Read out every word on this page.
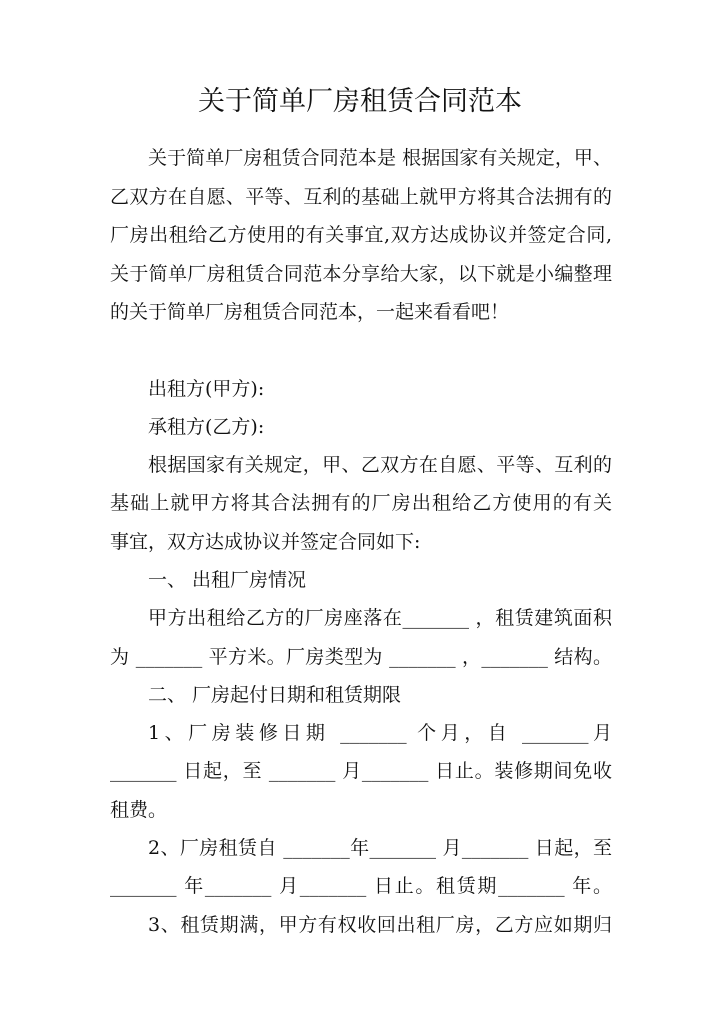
关于简单厂房租赁合同范本
关于简单厂房租赁合同范本是 根据国家有关规定，甲、
乙双方在自愿、平等、互利的基础上就甲方将其合法拥有的
厂房出租给乙方使用的有关事宜,双方达成协议并签定合同,
关于简单厂房租赁合同范本分享给大家，以下就是小编整理
的关于简单厂房租赁合同范本，一起来看看吧！
出租方(甲方):
承租方(乙方):
根据国家有关规定，甲、乙双方在自愿、平等、互利的
基础上就甲方将其合法拥有的厂房出租给乙方使用的有关
事宜，双方达成协议并签定合同如下:
一、 出租厂房情况
甲方出租给乙方的厂房座落在_______ ，租赁建筑面积
为 _______ 平方米。厂房类型为 _______ ，_______ 结构。
二、 厂房起付日期和租赁期限
1、厂房装修日期 _______ 个月，自 _______月
_______ 日起，至 _______ 月_______ 日止。装修期间免收
租费。
2、厂房租赁自 _______年_______ 月_______ 日起，至
_______ 年_______ 月_______ 日止。租赁期_______ 年。
3、租赁期满，甲方有权收回出租厂房，乙方应如期归
